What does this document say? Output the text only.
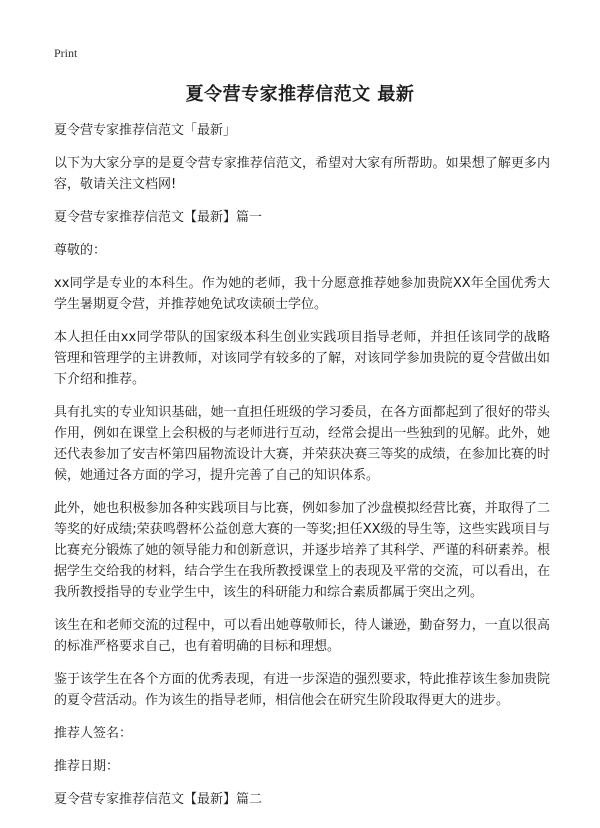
Print
夏令营专家推荐信范文 最新

夏令营专家推荐信范文「最新」

以下为大家分享的是夏令营专家推荐信范文，希望对大家有所帮助。如果想了解更多内容，敬请关注文档网!

夏令营专家推荐信范文【最新】篇一

尊敬的：

xx同学是专业的本科生。作为她的老师，我十分愿意推荐她参加贵院XX年全国优秀大学生暑期夏令营，并推荐她免试攻读硕士学位。

本人担任由xx同学带队的国家级本科生创业实践项目指导老师，并担任该同学的战略管理和管理学的主讲教师，对该同学有较多的了解，对该同学参加贵院的夏令营做出如下介绍和推荐。

具有扎实的专业知识基础，她一直担任班级的学习委员，在各方面都起到了很好的带头作用，例如在课堂上会积极的与老师进行互动，经常会提出一些独到的见解。此外，她还代表参加了安吉杯第四届物流设计大赛，并荣获决赛三等奖的成绩，在参加比赛的时候，她通过各方面的学习，提升完善了自己的知识体系。

此外，她也积极参加各种实践项目与比赛，例如参加了沙盘模拟经营比赛，并取得了二等奖的好成绩;荣获鸣磬杯公益创意大赛的一等奖;担任XX级的导生等，这些实践项目与比赛充分锻炼了她的领导能力和创新意识，并逐步培养了其科学、严谨的科研素养。根据学生交给我的材料，结合学生在我所教授课堂上的表现及平常的交流，可以看出，在我所教授指导的专业学生中，该生的科研能力和综合素质都属于突出之列。

该生在和老师交流的过程中，可以看出她尊敬师长，待人谦逊，勤奋努力，一直以很高的标准严格要求自己，也有着明确的目标和理想。

鉴于该学生在各个方面的优秀表现，有进一步深造的强烈要求，特此推荐该生参加贵院的夏令营活动。作为该生的指导老师，相信他会在研究生阶段取得更大的进步。

推荐人签名：

推荐日期：

夏令营专家推荐信范文【最新】篇二
